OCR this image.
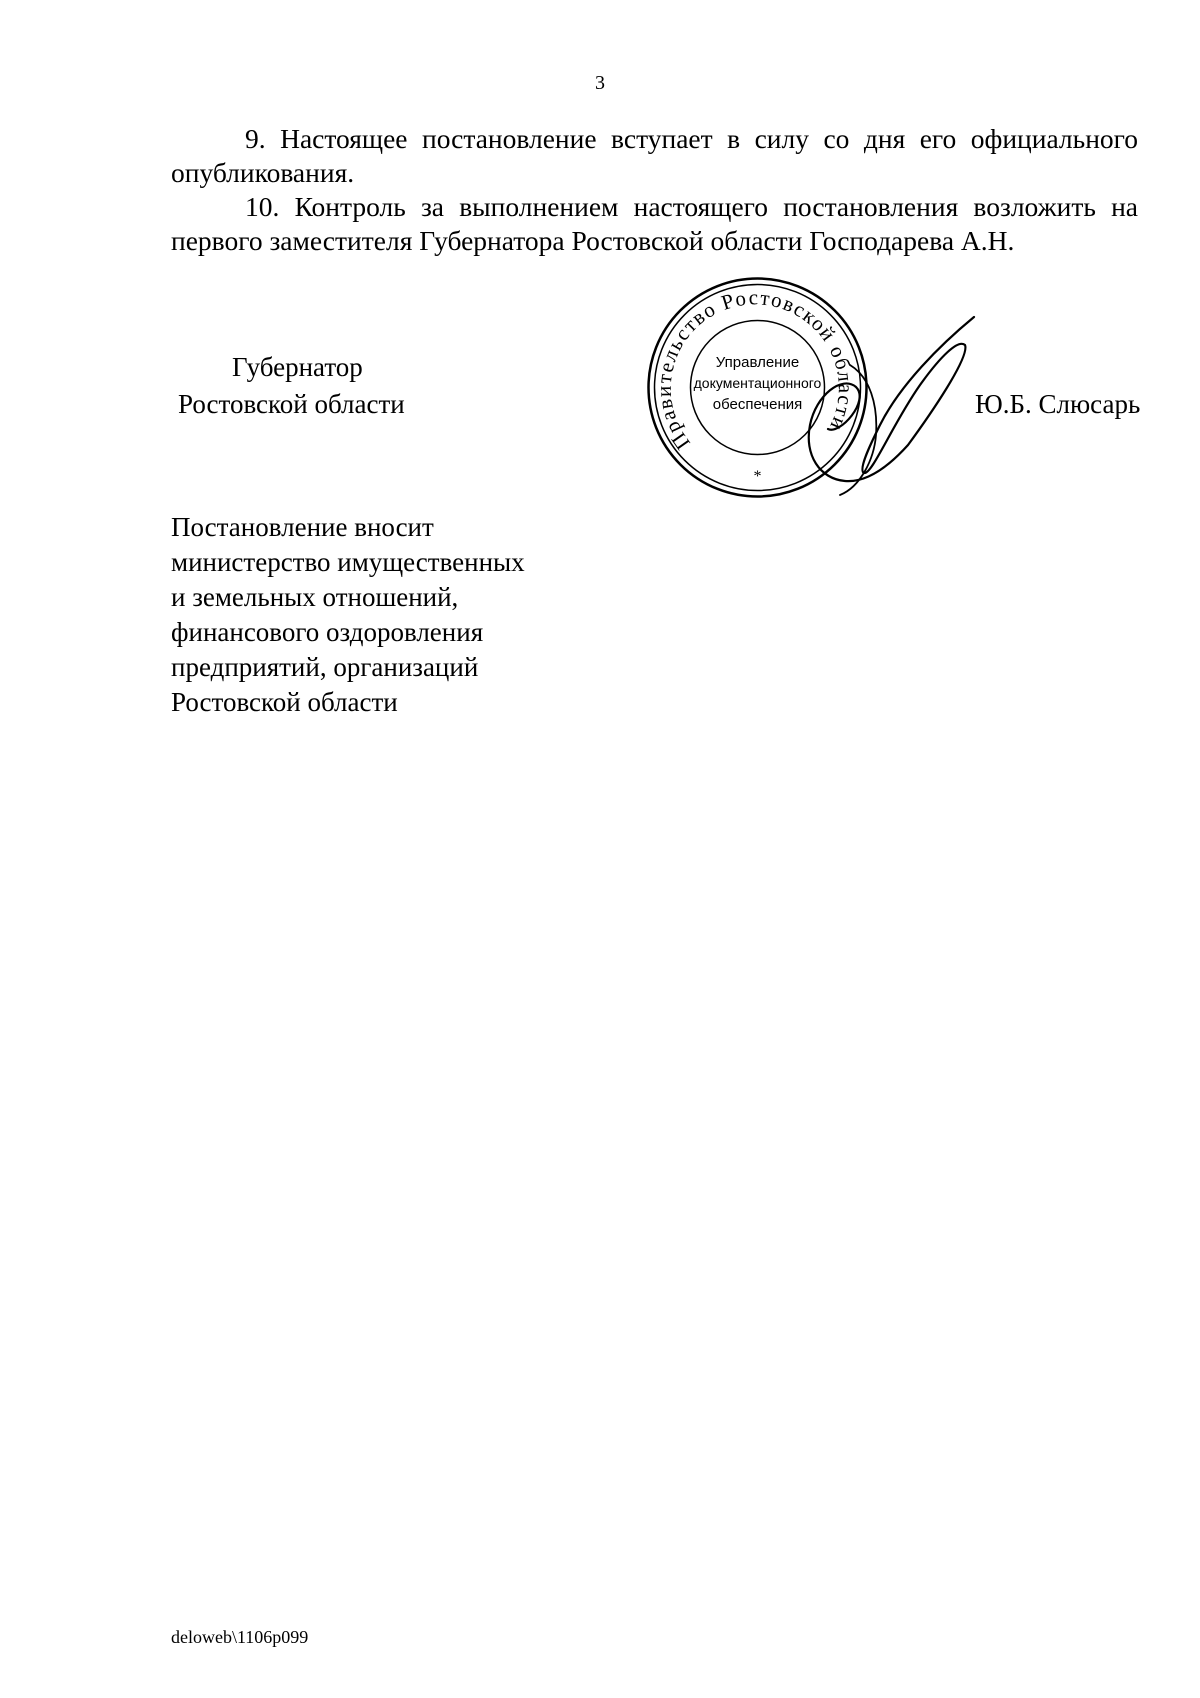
3
9. Настоящее постановление вступает в силу со дня его официального опубликования.
10. Контроль за выполнением настоящего постановления возложить на первого заместителя Губернатора Ростовской области Господарева А.Н.
Губернатор
Ростовской области
Правительство Ростовской области
Управление
документационного
обеспечения
*
Ю.Б. Слюсарь
Постановление вносит
министерство имущественных
и земельных отношений,
финансового оздоровления
предприятий, организаций
Ростовской области
deloweb\1106p099
